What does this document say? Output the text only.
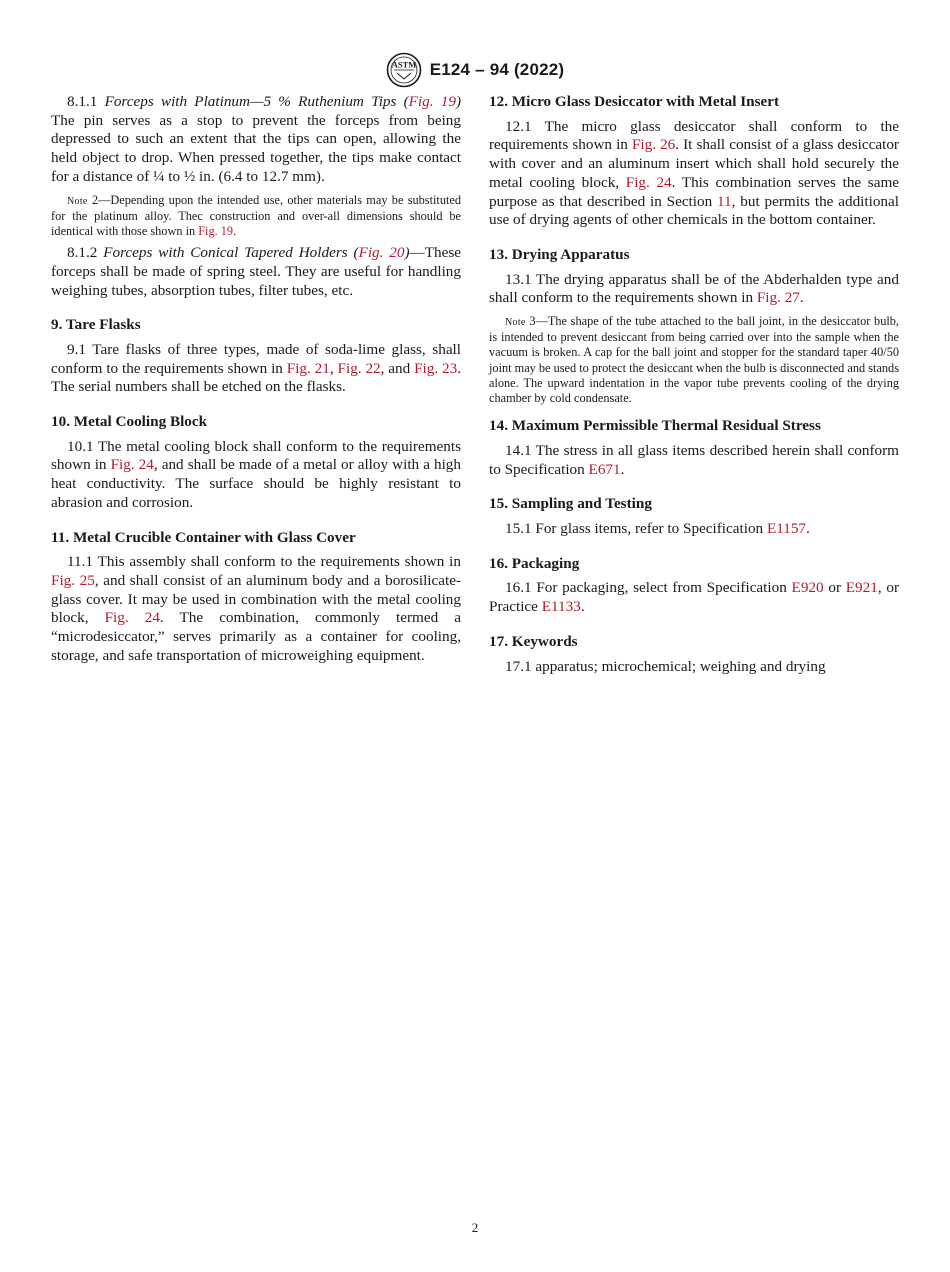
ASTM E124 – 94 (2022)

8.1.1 Forceps with Platinum—5 % Ruthenium Tips (Fig. 19) The pin serves as a stop to prevent the forceps from being depressed to such an extent that the tips can open, allowing the held object to drop. When pressed together, the tips make contact for a distance of ¼ to ½ in. (6.4 to 12.7 mm).

Note 2—Depending upon the intended use, other materials may be substituted for the platinum alloy. Thec construction and over-all dimensions should be identical with those shown in Fig. 19.

8.1.2 Forceps with Conical Tapered Holders (Fig. 20)—These forceps shall be made of spring steel. They are useful for handling weighing tubes, absorption tubes, filter tubes, etc.

9. Tare Flasks

9.1 Tare flasks of three types, made of soda-lime glass, shall conform to the requirements shown in Fig. 21, Fig. 22, and Fig. 23. The serial numbers shall be etched on the flasks.

10. Metal Cooling Block

10.1 The metal cooling block shall conform to the requirements shown in Fig. 24, and shall be made of a metal or alloy with a high heat conductivity. The surface should be highly resistant to abrasion and corrosion.

11. Metal Crucible Container with Glass Cover

11.1 This assembly shall conform to the requirements shown in Fig. 25, and shall consist of an aluminum body and a borosilicate-glass cover. It may be used in combination with the metal cooling block, Fig. 24. The combination, commonly termed a “microdesiccator,” serves primarily as a container for cooling, storage, and safe transportation of microweighing equipment.

12. Micro Glass Desiccator with Metal Insert

12.1 The micro glass desiccator shall conform to the requirements shown in Fig. 26. It shall consist of a glass desiccator with cover and an aluminum insert which shall hold securely the metal cooling block, Fig. 24. This combination serves the same purpose as that described in Section 11, but permits the additional use of drying agents of other chemicals in the bottom container.

13. Drying Apparatus

13.1 The drying apparatus shall be of the Abderhalden type and shall conform to the requirements shown in Fig. 27.

Note 3—The shape of the tube attached to the ball joint, in the desiccator bulb, is intended to prevent desiccant from being carried over into the sample when the vacuum is broken. A cap for the ball joint and stopper for the standard taper 40/50 joint may be used to protect the desiccant when the bulb is disconnected and stands alone. The upward indentation in the vapor tube prevents cooling of the drying chamber by cold condensate.

14. Maximum Permissible Thermal Residual Stress

14.1 The stress in all glass items described herein shall conform to Specification E671.

15. Sampling and Testing

15.1 For glass items, refer to Specification E1157.

16. Packaging

16.1 For packaging, select from Specification E920 or E921, or Practice E1133.

17. Keywords

17.1 apparatus; microchemical; weighing and drying

2
